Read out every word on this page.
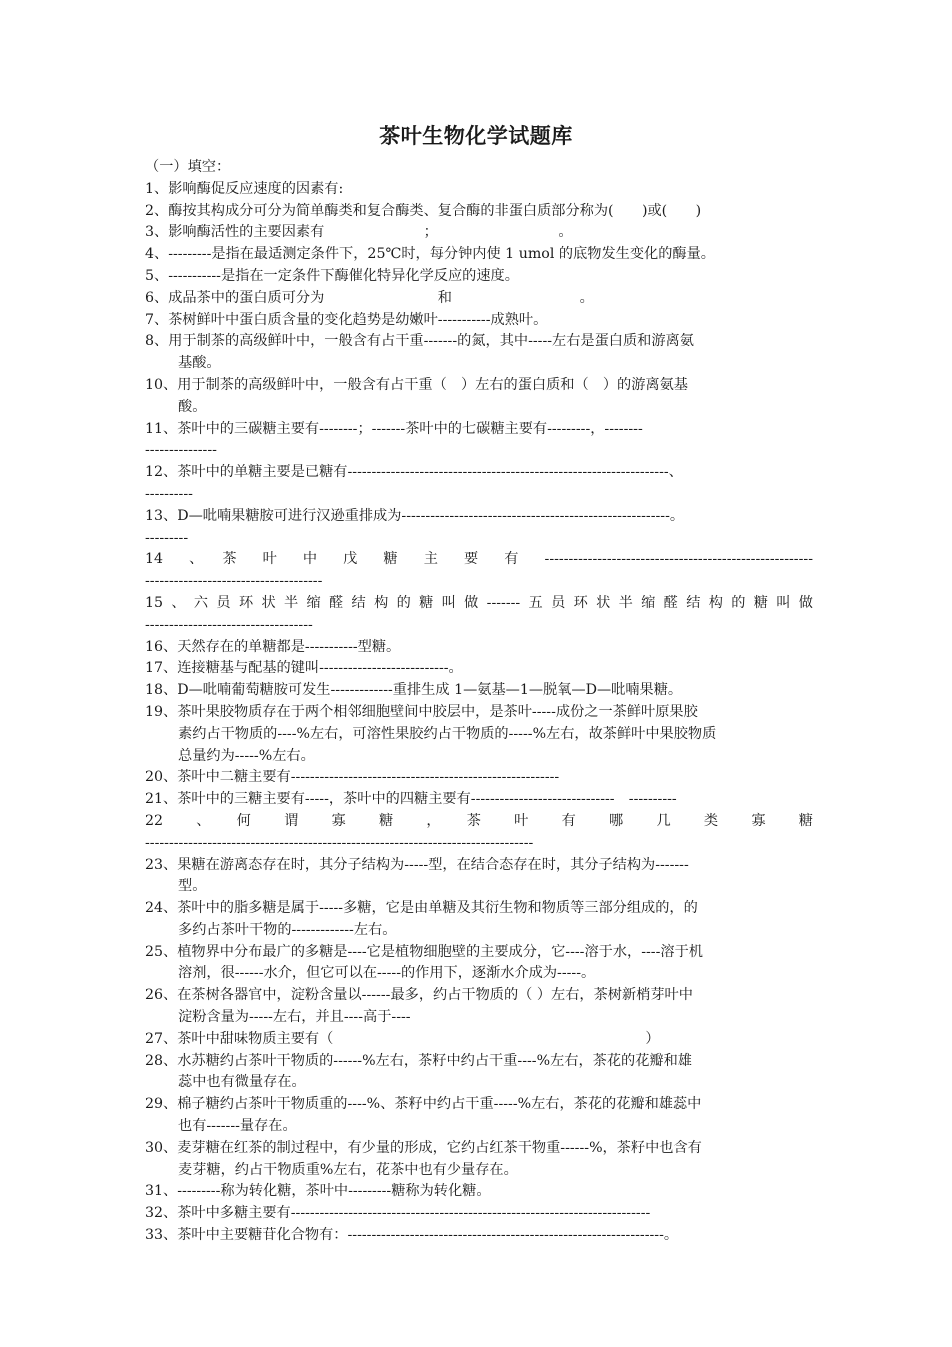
茶叶生物化学试题库
（一）填空：
1、影响酶促反应速度的因素有:
2、酶按其构成分可分为简单酶类和复合酶类、复合酶的非蛋白质部分称为(　　)或(　　)
3、影响酶活性的主要因素有　　　　　　　；　　　　　　　　　。
4、---------是指在最适测定条件下，25℃时，每分钟内使 1 umol 的底物发生变化的酶量。
5、-----------是指在一定条件下酶催化特异化学反应的速度。
6、成品茶中的蛋白质可分为　　　　　　　　和　　　　　　　　　。
7、茶树鲜叶中蛋白质含量的变化趋势是幼嫩叶-----------成熟叶。
8、用于制茶的高级鲜叶中，一般含有占干重-------的氮，其中-----左右是蛋白质和游离氨
基酸。
10、用于制茶的高级鲜叶中，一般含有占干重（　）左右的蛋白质和（　）的游离氨基
酸。
11、茶叶中的三碳糖主要有--------；-------茶叶中的七碳糖主要有---------，--------
---------------
12、茶叶中的单糖主要是已糖有-------------------------------------------------------------------、
----------
13、D—吡喃果糖胺可进行汉逊重排成为--------------------------------------------------------。
---------
14　、　茶　叶　中　戊　糖　主　要　有　--------------------------------------------------------
-------------------------------------
15、六员环状半缩醛结构的糖叫做-------五员环状半缩醛结构的糖叫做
-----------------------------------
16、天然存在的单糖都是-----------型糖。
17、连接糖基与配基的键叫---------------------------。
18、D—吡喃葡萄糖胺可发生-------------重排生成 1—氨基—1—脱氧—D—吡喃果糖。
19、茶叶果胶物质存在于两个相邻细胞壁间中胶层中，是茶叶-----成份之一茶鲜叶原果胶
素约占干物质的----%左右，可溶性果胶约占干物质的-----%左右，故茶鲜叶中果胶物质
总量约为-----%左右。
20、茶叶中二糖主要有--------------------------------------------------------
21、茶叶中的三糖主要有-----，茶叶中的四糖主要有------------------------------　----------
22　、　何　谓　寡　糖　，　茶　叶　有　哪　几　类　寡　糖
---------------------------------------------------------------------------------
23、果糖在游离态存在时，其分子结构为-----型，在结合态存在时，其分子结构为-------
型。
24、茶叶中的脂多糖是属于-----多糖，它是由单糖及其衍生物和物质等三部分组成的，的
多约占茶叶干物的-------------左右。
25、植物界中分布最广的多糖是----它是植物细胞壁的主要成分，它----溶于水，----溶于机
溶剂，很------水介，但它可以在-----的作用下，逐渐水介成为-----。
26、在茶树各器官中，淀粉含量以------最多，约占干物质的（ ）左右，茶树新梢芽叶中
淀粉含量为-----左右，并且----高于----
27、茶叶中甜味物质主要有（　　　　　　　　　　　　　　　　　　　　　　）
28、水苏糖约占茶叶干物质的------%左右，茶籽中约占干重----%左右，茶花的花瓣和雄
蕊中也有微量存在。
29、棉子糖约占茶叶干物质重的----%、茶籽中约占干重-----%左右，茶花的花瓣和雄蕊中
也有-------量存在。
30、麦芽糖在红茶的制过程中，有少量的形成，它约占红茶干物重------%，茶籽中也含有
麦芽糖，约占干物质重%左右，花茶中也有少量存在。
31、---------称为转化糖，茶叶中---------糖称为转化糖。
32、茶叶中多糖主要有---------------------------------------------------------------------------
33、茶叶中主要糖苷化合物有：------------------------------------------------------------------。
